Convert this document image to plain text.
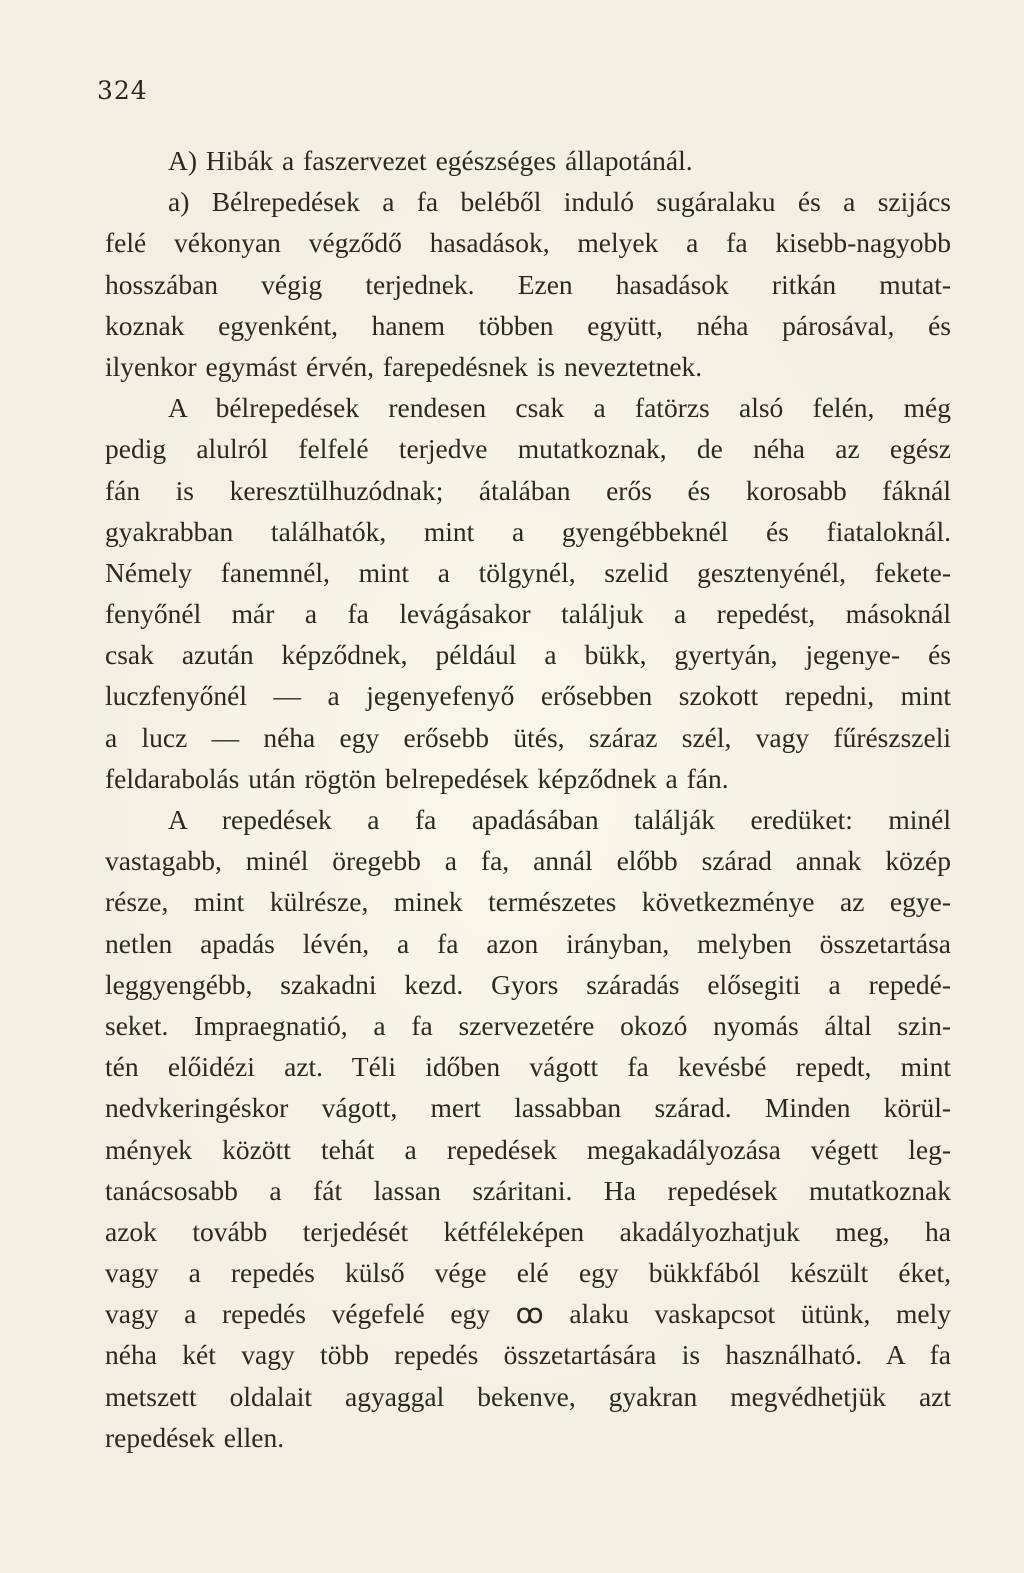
324
A) Hibák a faszervezet egészséges állapotánál.
a) Bélrepedések a fa beléből induló sugáralaku és a szijács
felé vékonyan végződő hasadások, melyek a fa kisebb-nagyobb
hosszában végig terjednek. Ezen hasadások ritkán mutat-
koznak egyenként, hanem többen együtt, néha párosával, és
ilyenkor egymást érvén, farepedésnek is neveztetnek.
A bélrepedések rendesen csak a fatörzs alsó felén, még
pedig alulról felfelé terjedve mutatkoznak, de néha az egész
fán is keresztülhuzódnak; átalában erős és korosabb fáknál
gyakrabban találhatók, mint a gyengébbeknél és fiataloknál.
Némely fanemnél, mint a tölgynél, szelid gesztenyénél, fekete-
fenyőnél már a fa levágásakor találjuk a repedést, másoknál
csak azután képződnek, például a bükk, gyertyán, jegenye- és
luczfenyőnél — a jegenyefenyő erősebben szokott repedni, mint
a lucz — néha egy erősebb ütés, száraz szél, vagy fűrészszeli
feldarabolás után rögtön belrepedések képződnek a fán.
A repedések a fa apadásában találják eredüket: minél
vastagabb, minél öregebb a fa, annál előbb szárad annak közép
része, mint külrésze, minek természetes következménye az egye-
netlen apadás lévén, a fa azon irányban, melyben összetartása
leggyengébb, szakadni kezd. Gyors száradás elősegiti a repedé-
seket. Impraegnatió, a fa szervezetére okozó nyomás által szin-
tén előidézi azt. Téli időben vágott fa kevésbé repedt, mint
nedvkeringéskor vágott, mert lassabban szárad. Minden körül-
mények között tehát a repedések megakadályozása végett leg-
tanácsosabb a fát lassan száritani. Ha repedések mutatkoznak
azok tovább terjedését kétféleképen akadályozhatjuk meg, ha
vagy a repedés külső vége elé egy bükkfából készült éket,
vagy a repedés végefelé egy ꝏ alaku vaskapcsot ütünk, mely
néha két vagy több repedés összetartására is használható. A fa
metszett oldalait agyaggal bekenve, gyakran megvédhetjük azt
repedések ellen.
